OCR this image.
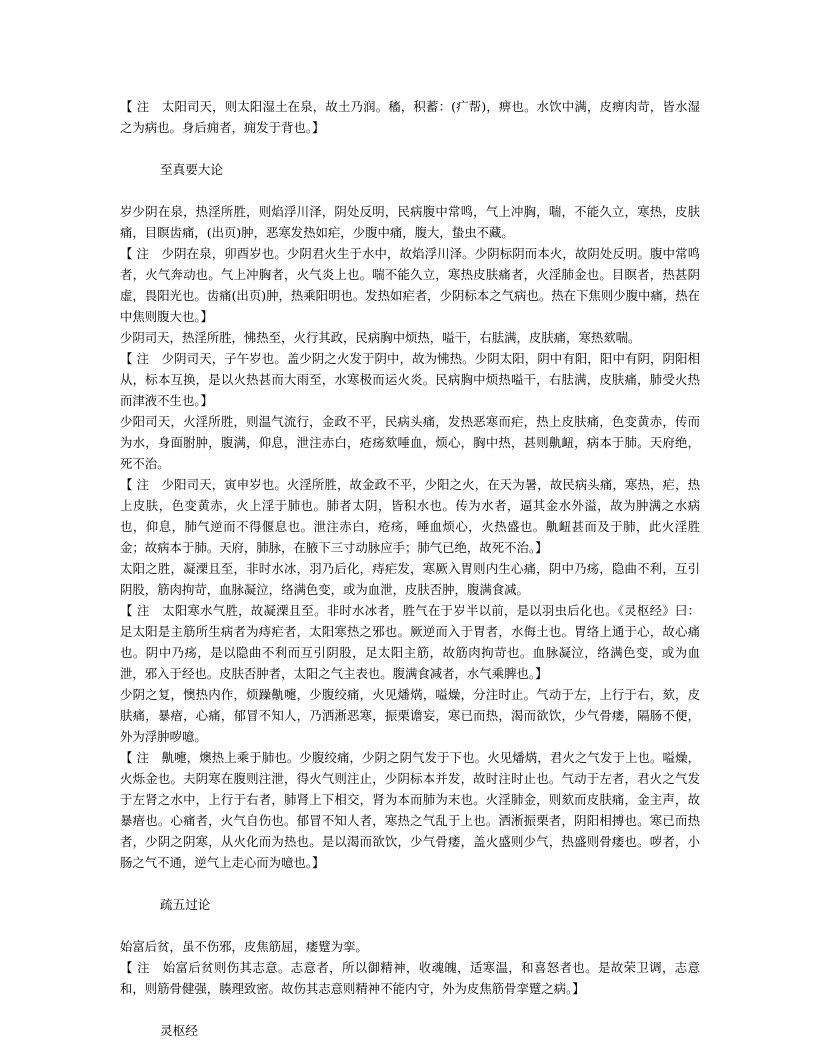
【 注　太阳司天，则太阳湿土在泉，故土乃润。稸，积蓄：(疒帮)，痹也。水饮中满，皮痹肉苛，皆水湿之为病也。身后痈者，痈发于背也。】

至真要大论

岁少阴在泉，热淫所胜，则焰浮川泽，阴处反明，民病腹中常鸣，气上冲胸，喘，不能久立，寒热，皮肤痛，目瞑齿痛，(出页)肿，恶寒发热如疟，少腹中痛，腹大，蛰虫不藏。

【 注　少阴在泉，卯酉岁也。少阴君火生于水中，故焰浮川泽。少阴标阴而本火，故阴处反明。腹中常鸣者，火气奔动也。气上冲胸者，火气炎上也。喘不能久立，寒热皮肤痛者，火淫肺金也。目瞑者，热甚阴虚，畏阳光也。齿痛(出页)肿，热乘阳明也。发热如疟者，少阴标本之气病也。热在下焦则少腹中痛，热在中焦则腹大也。】

少阴司天，热淫所胜，怫热至，火行其政，民病胸中烦热，嗌干，右胠满，皮肤痛，寒热欬喘。

【 注　少阴司天，子午岁也。盖少阴之火发于阴中，故为怫热。少阴太阳，阴中有阳，阳中有阴，阴阳相从，标本互换，是以火热甚而大雨至，水寒极而运火炎。民病胸中烦热嗌干，右胠满，皮肤痛，肺受火热而津液不生也。】

少阳司天，火淫所胜，则温气流行，金政不平，民病头痛，发热恶寒而疟，热上皮肤痛，色变黄赤，传而为水，身面胕肿，腹满，仰息，泄注赤白，疮疡欬唾血，烦心，胸中热，甚则鼽衄，病本于肺。天府绝，死不治。

【 注　少阳司天，寅申岁也。火淫所胜，故金政不平，少阳之火，在天为暑，故民病头痛，寒热，疟，热上皮肤，色变黄赤，火上淫于肺也。肺者太阴，皆积水也。传为水者，逼其金水外溢，故为肿满之水病也，仰息，肺气逆而不得偃息也。泄注赤白，疮疡，唾血烦心，火热盛也。鼽衄甚而及于肺，此火淫胜金；故病本于肺。天府，肺脉，在腋下三寸动脉应手；肺气已绝，故死不治。】

太阳之胜，凝溧且至，非时水冰，羽乃后化，痔疟发，寒厥入胃则内生心痛，阴中乃疡，隐曲不利，互引阴股，筋肉拘苛，血脉凝泣，络满色变，或为血泄，皮肤否肿，腹满食减。

【 注　太阳寒水气胜，故凝溧且至。非时水冰者，胜气在于岁半以前，是以羽虫后化也。《灵枢经》曰：足太阳是主筋所生病者为痔疟者，太阳寒热之邪也。厥逆而入于胃者，水侮土也。胃络上通于心，故心痛也。阴中乃疡，是以隐曲不利而互引阴股，足太阳主筋，故筋肉拘苛也。血脉凝泣，络满色变，或为血泄，邪入于经也。皮肤否肿者，太阳之气主表也。腹满食减者，水气乘脾也。】

少阴之复，懊热内作，烦躁鼽嚏，少腹绞痛，火见燔焫，嗌燥，分注时止。气动于左，上行于右，欬，皮肤痛，暴瘖，心痛，郁冒不知人，乃洒淅恶寒，振栗谵妄，寒已而热，渴而欲饮，少气骨痿，隔肠不便，外为浮肿哕噫。

【 注　鼽嚏，燠热上乘于肺也。少腹绞痛，少阴之阴气发于下也。火见燔焫，君火之气发于上也。嗌燥，火烁金也。夫阴寒在腹则注泄，得火气则注止，少阴标本并发，故时注时止也。气动于左者，君火之气发于左肾之水中，上行于右者，肺肾上下相交，肾为本而肺为末也。火淫肺金，则欬而皮肤痛，金主声，故暴瘖也。心痛者，火气自伤也。郁冒不知人者，寒热之气乱于上也。洒淅振栗者，阴阳相搏也。寒已而热者，少阴之阴寒，从火化而为热也。是以渴而欲饮，少气骨痿，盖火盛则少气，热盛则骨痿也。哕者，小肠之气不通，逆气上走心而为噫也。】

疏五过论

始富后贫，虽不伤邪，皮焦筋屈，痿躄为挛。

【 注　始富后贫则伤其志意。志意者，所以御精神，收魂魄，适寒温，和喜怒者也。是故荣卫调，志意和，则筋骨健强，腠理致密。故伤其志意则精神不能内守，外为皮焦筋骨挛躄之病。】

灵枢经
